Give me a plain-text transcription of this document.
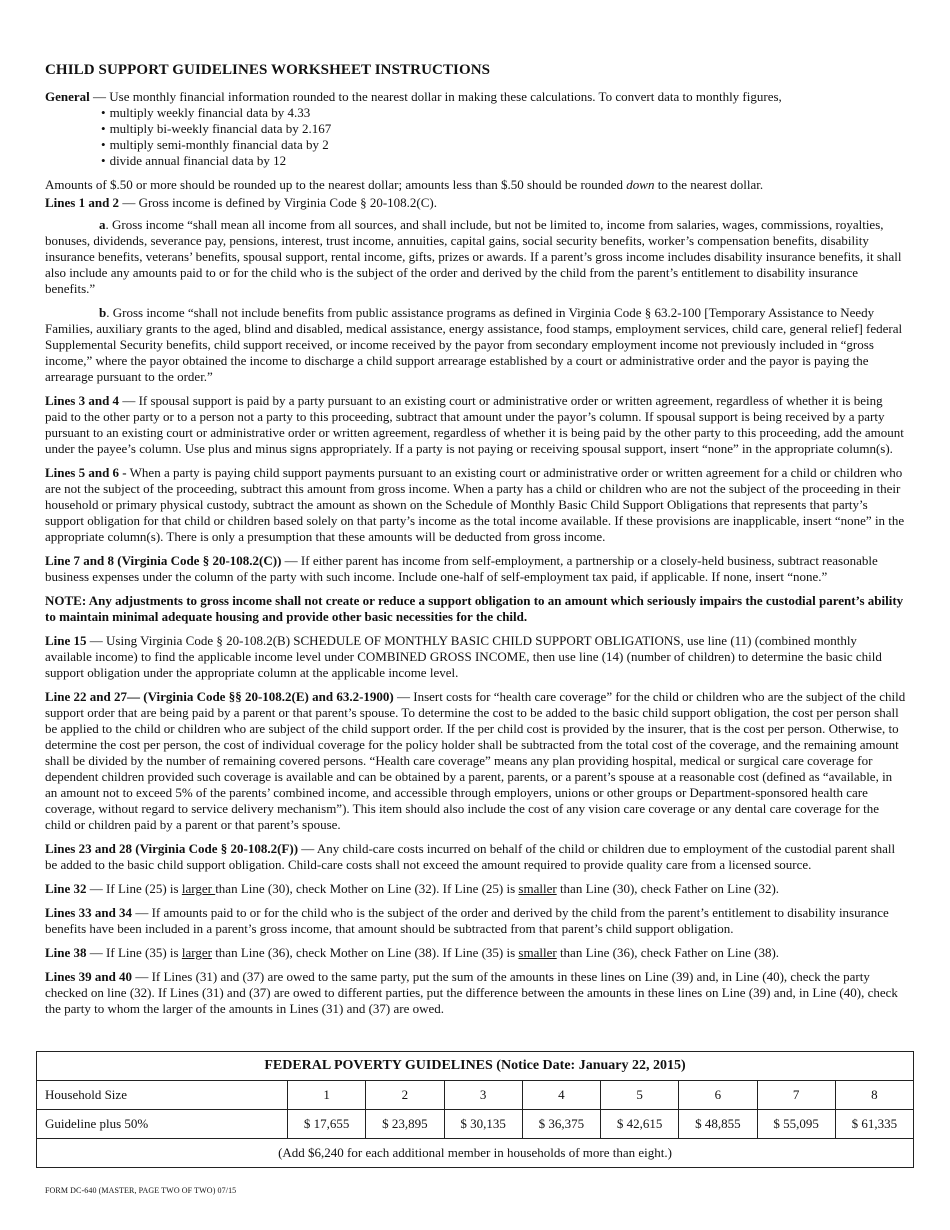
CHILD SUPPORT GUIDELINES WORKSHEET INSTRUCTIONS

General — Use monthly financial information rounded to the nearest dollar in making these calculations. To convert data to monthly figures,

• multiply weekly financial data by 4.33
• multiply bi-weekly financial data by 2.167
• multiply semi-monthly financial data by 2
• divide annual financial data by 12

Amounts of $.50 or more should be rounded up to the nearest dollar; amounts less than $.50 should be rounded down to the nearest dollar.

Lines 1 and 2 — Gross income is defined by Virginia Code § 20-108.2(C).

a. Gross income “shall mean all income from all sources, and shall include, but not be limited to, income from salaries, wages, commissions, royalties, bonuses, dividends, severance pay, pensions, interest, trust income, annuities, capital gains, social security benefits, worker’s compensation benefits, disability insurance benefits, veterans’ benefits, spousal support, rental income, gifts, prizes or awards. If a parent’s gross income includes disability insurance benefits, it shall also include any amounts paid to or for the child who is the subject of the order and derived by the child from the parent’s entitlement to disability insurance benefits.”

b. Gross income “shall not include benefits from public assistance programs as defined in Virginia Code § 63.2-100 [Temporary Assistance to Needy Families, auxiliary grants to the aged, blind and disabled, medical assistance, energy assistance, food stamps, employment services, child care, general relief] federal Supplemental Security benefits, child support received, or income received by the payor from secondary employment income not previously included in “gross income,” where the payor obtained the income to discharge a child support arrearage established by a court or administrative order and the payor is paying the arrearage pursuant to the order.”

Lines 3 and 4 — If spousal support is paid by a party pursuant to an existing court or administrative order or written agreement, regardless of whether it is being paid to the other party or to a person not a party to this proceeding, subtract that amount under the payor’s column. If spousal support is being received by a party pursuant to an existing court or administrative order or written agreement, regardless of whether it is being paid by the other party to this proceeding, add the amount under the payee’s column. Use plus and minus signs appropriately. If a party is not paying or receiving spousal support, insert “none” in the appropriate column(s).

Lines 5 and 6 - When a party is paying child support payments pursuant to an existing court or administrative order or written agreement for a child or children who are not the subject of the proceeding, subtract this amount from gross income. When a party has a child or children who are not the subject of the proceeding in their household or primary physical custody, subtract the amount as shown on the Schedule of Monthly Basic Child Support Obligations that represents that party’s support obligation for that child or children based solely on that party’s income as the total income available. If these provisions are inapplicable, insert “none” in the appropriate column(s). There is only a presumption that these amounts will be deducted from gross income.

Line 7 and 8 (Virginia Code § 20-108.2(C)) — If either parent has income from self-employment, a partnership or a closely-held business, subtract reasonable business expenses under the column of the party with such income. Include one-half of self-employment tax paid, if applicable. If none, insert “none.”

NOTE: Any adjustments to gross income shall not create or reduce a support obligation to an amount which seriously impairs the custodial parent’s ability to maintain minimal adequate housing and provide other basic necessities for the child.

Line 15 — Using Virginia Code § 20-108.2(B) SCHEDULE OF MONTHLY BASIC CHILD SUPPORT OBLIGATIONS, use line (11) (combined monthly available income) to find the applicable income level under COMBINED GROSS INCOME, then use line (14) (number of children) to determine the basic child support obligation under the appropriate column at the applicable income level.

Line 22 and 27— (Virginia Code §§ 20-108.2(E) and 63.2-1900) — Insert costs for “health care coverage” for the child or children who are the subject of the child support order that are being paid by a parent or that parent’s spouse. To determine the cost to be added to the basic child support obligation, the cost per person shall be applied to the child or children who are subject of the child support order. If the per child cost is provided by the insurer, that is the cost per person. Otherwise, to determine the cost per person, the cost of individual coverage for the policy holder shall be subtracted from the total cost of the coverage, and the remaining amount shall be divided by the number of remaining covered persons. “Health care coverage” means any plan providing hospital, medical or surgical care coverage for dependent children provided such coverage is available and can be obtained by a parent, parents, or a parent’s spouse at a reasonable cost (defined as “available, in an amount not to exceed 5% of the parents’ combined income, and accessible through employers, unions or other groups or Department-sponsored health care coverage, without regard to service delivery mechanism”). This item should also include the cost of any vision care coverage or any dental care coverage for the child or children paid by a parent or that parent’s spouse.

Lines 23 and 28 (Virginia Code § 20-108.2(F)) — Any child-care costs incurred on behalf of the child or children due to employment of the custodial parent shall be added to the basic child support obligation. Child-care costs shall not exceed the amount required to provide quality care from a licensed source.

Line 32 — If Line (25) is larger than Line (30), check Mother on Line (32). If Line (25) is smaller than Line (30), check Father on Line (32).

Lines 33 and 34 — If amounts paid to or for the child who is the subject of the order and derived by the child from the parent’s entitlement to disability insurance benefits have been included in a parent’s gross income, that amount should be subtracted from that parent’s child support obligation.

Line 38 — If Line (35) is larger than Line (36), check Mother on Line (38). If Line (35) is smaller than Line (36), check Father on Line (38).

Lines 39 and 40 — If Lines (31) and (37) are owed to the same party, put the sum of the amounts in these lines on Line (39) and, in Line (40), check the party checked on line (32). If Lines (31) and (37) are owed to different parties, put the difference between the amounts in these lines on Line (39) and, in Line (40), check the party to whom the larger of the amounts in Lines (31) and (37) are owed.

FEDERAL POVERTY GUIDELINES (Notice Date: January 22, 2015)								
Household Size	1	2	3	4	5	6	7	8
Guideline plus 50%	$ 17,655	$ 23,895	$ 30,135	$ 36,375	$ 42,615	$ 48,855	$ 55,095	$ 61,335
(Add $6,240 for each additional member in households of more than eight.)								
FORM DC-640 (MASTER, PAGE TWO OF TWO) 07/15
